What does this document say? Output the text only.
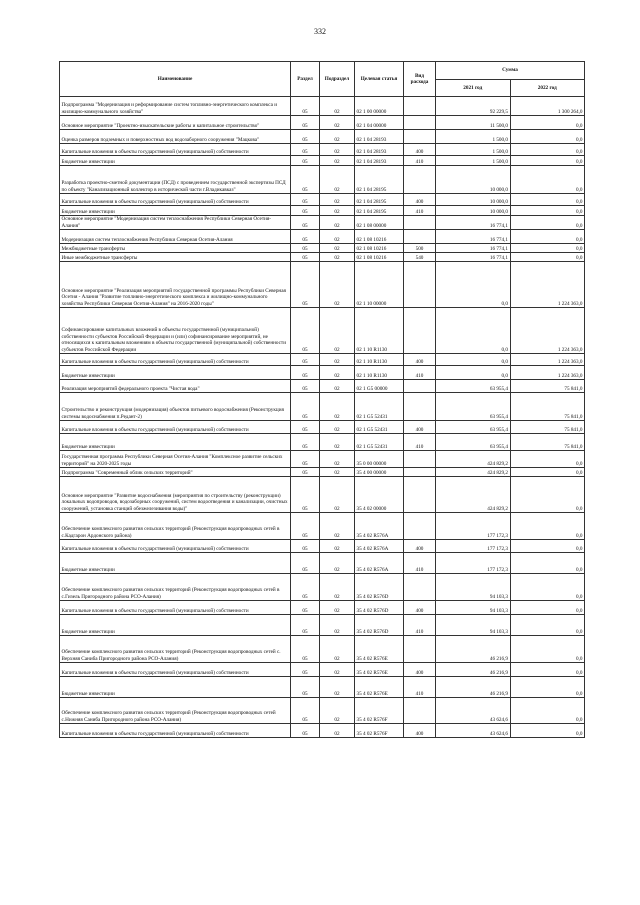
332
Наименование	Раздел	Подраздел	Целевая статья	Вид расхода	Сумма	
					2021 год	2022 год
Подпрограмма "Модернизация и реформирование систем топливно-энергетического комплекса и жилищно-коммунального хозяйства"	05	02	02 1 00 00000		92 229,5	1 300 264,0
Основное мероприятие "Проектно-изыскательские работы и капитальное строительство"	05	02	02 1 04 00000		11 500,0	0,0
Оценка размеров подземных и поверхностных вод водозаборного сооружения "Мацкова"	05	02	02 1 04 28193		1 500,0	0,0
Капитальные вложения в объекты государственной (муниципальной) собственности	05	02	02 1 04 28193	400	1 500,0	0,0
Бюджетные инвестиции	05	02	02 1 04 28193	410	1 500,0	0,0
Разработка проектно-сметной документации (ПСД) с проведением государственной экспертизы ПСД по объекту "Канализационный коллектор в исторической части г.Владикавказ"	05	02	02 1 04 28195		10 000,0	0,0
Капитальные вложения в объекты государственной (муниципальной) собственности	05	02	02 1 04 28195	400	10 000,0	0,0
Бюджетные инвестиции	05	02	02 1 04 28195	410	10 000,0	0,0
Основное мероприятие "Модернизация систем теплоснабжения Республики Северная Осетия-Алания"	05	02	02 1 08 00000		16 774,1	0,0
Модернизация систем теплоснабжения Республики Северная Осетия-Алания	05	02	02 1 08 10216		16 774,1	0,0
Межбюджетные трансферты	05	02	02 1 08 10216	500	16 774,1	0,0
Иные межбюджетные трансферты	05	02	02 1 08 10216	540	16 774,1	0,0
Основное мероприятие "Реализация мероприятий государственной программы Республики Северная Осетия - Алания "Развитие топливно-энергетического комплекса и жилищно-коммунального хозяйства Республики Северная Осетия-Алания" на 2016-2020 годы"	05	02	02 1 10 00000		0,0	1 224 363,0
Софинансирование капитальных вложений в объекты государственной (муниципальной) собственности субъектов Российской Федерации и (или) софинансирование мероприятий, не относящихся к капитальным вложениям в объекты государственной (муниципальной) собственности субъектов Российской Федерации	05	02	02 1 10 R1130		0,0	1 224 363,0
Капитальные вложения в объекты государственной (муниципальной) собственности	05	02	02 1 10 R1130	400	0,0	1 224 363,0
Бюджетные инвестиции	05	02	02 1 10 R1130	410	0,0	1 224 363,0
Реализация мероприятий федерального проекта "Чистая вода"	05	02	02 1 G5 00000		63 955,4	75 841,0
Строительство и реконструкция (модернизация) объектов питьевого водоснабжения (Реконструкция системы водоснабжения п.Редант-2)	05	02	02 1 G5 52431		63 955,4	75 841,0
Капитальные вложения в объекты государственной (муниципальной) собственности	05	02	02 1 G5 52431	400	63 955,4	75 841,0
Бюджетные инвестиции	05	02	02 1 G5 52431	410	63 955,4	75 841,0
Государственная программа Республики Северная Осетия-Алания "Комплексное развитие сельских территорий" на 2020-2025 годы	05	02	35 0 00 00000		424 829,2	0,0
Подпрограмма "Современный облик сельских территорий"	05	02	35 4 00 00000		424 829,2	0,0
Основное мероприятие "Развитие водоснабжения (мероприятия по строительству (реконструкции) локальных водопроводов, водозаборных сооружений, систем водоотведения и канализации, очистных сооружений, установка станций обезжелезивания воды)"	05	02	35 4 02 00000		424 829,2	0,0
Обеспечение комплексного развития сельских территорий (Реконструкция водопроводных сетей в с.Кадгарон Ардонского района)	05	02	35 4 02 R576A		177 172,3	0,0
Капитальные вложения в объекты государственной (муниципальной) собственности	05	02	35 4 02 R576A	400	177 172,3	0,0
Бюджетные инвестиции	05	02	35 4 02 R576A	410	177 172,3	0,0
Обеспечение комплексного развития сельских территорий (Реконструкция водопроводных сетей в с.Гизель Пригородного района РСО-Алания)	05	02	35 4 02 R576D		94 103,3	0,0
Капитальные вложения в объекты государственной (муниципальной) собственности	05	02	35 4 02 R576D	400	94 103,3	0,0
Бюджетные инвестиции	05	02	35 4 02 R576D	410	94 103,3	0,0
Обеспечение комплексного развития сельских территорий (Реконструкция водопроводных сетей с. Верхняя Саниба Пригородного района РСО-Алания)	05	02	35 4 02 R576E		46 216,9	0,0
Капитальные вложения в объекты государственной (муниципальной) собственности	05	02	35 4 02 R576E	400	46 216,9	0,0
Бюджетные инвестиции	05	02	35 4 02 R576E	410	46 216,9	0,0
Обеспечение комплексного развития сельских территорий (Реконструкция водопроводных сетей с.Нижняя Саниба Пригородного района РСО-Алания)	05	02	35 4 02 R576F		43 624,6	0,0
Капитальные вложения в объекты государственной (муниципальной) собственности	05	02	35 4 02 R576F	400	43 624,6	0,0
